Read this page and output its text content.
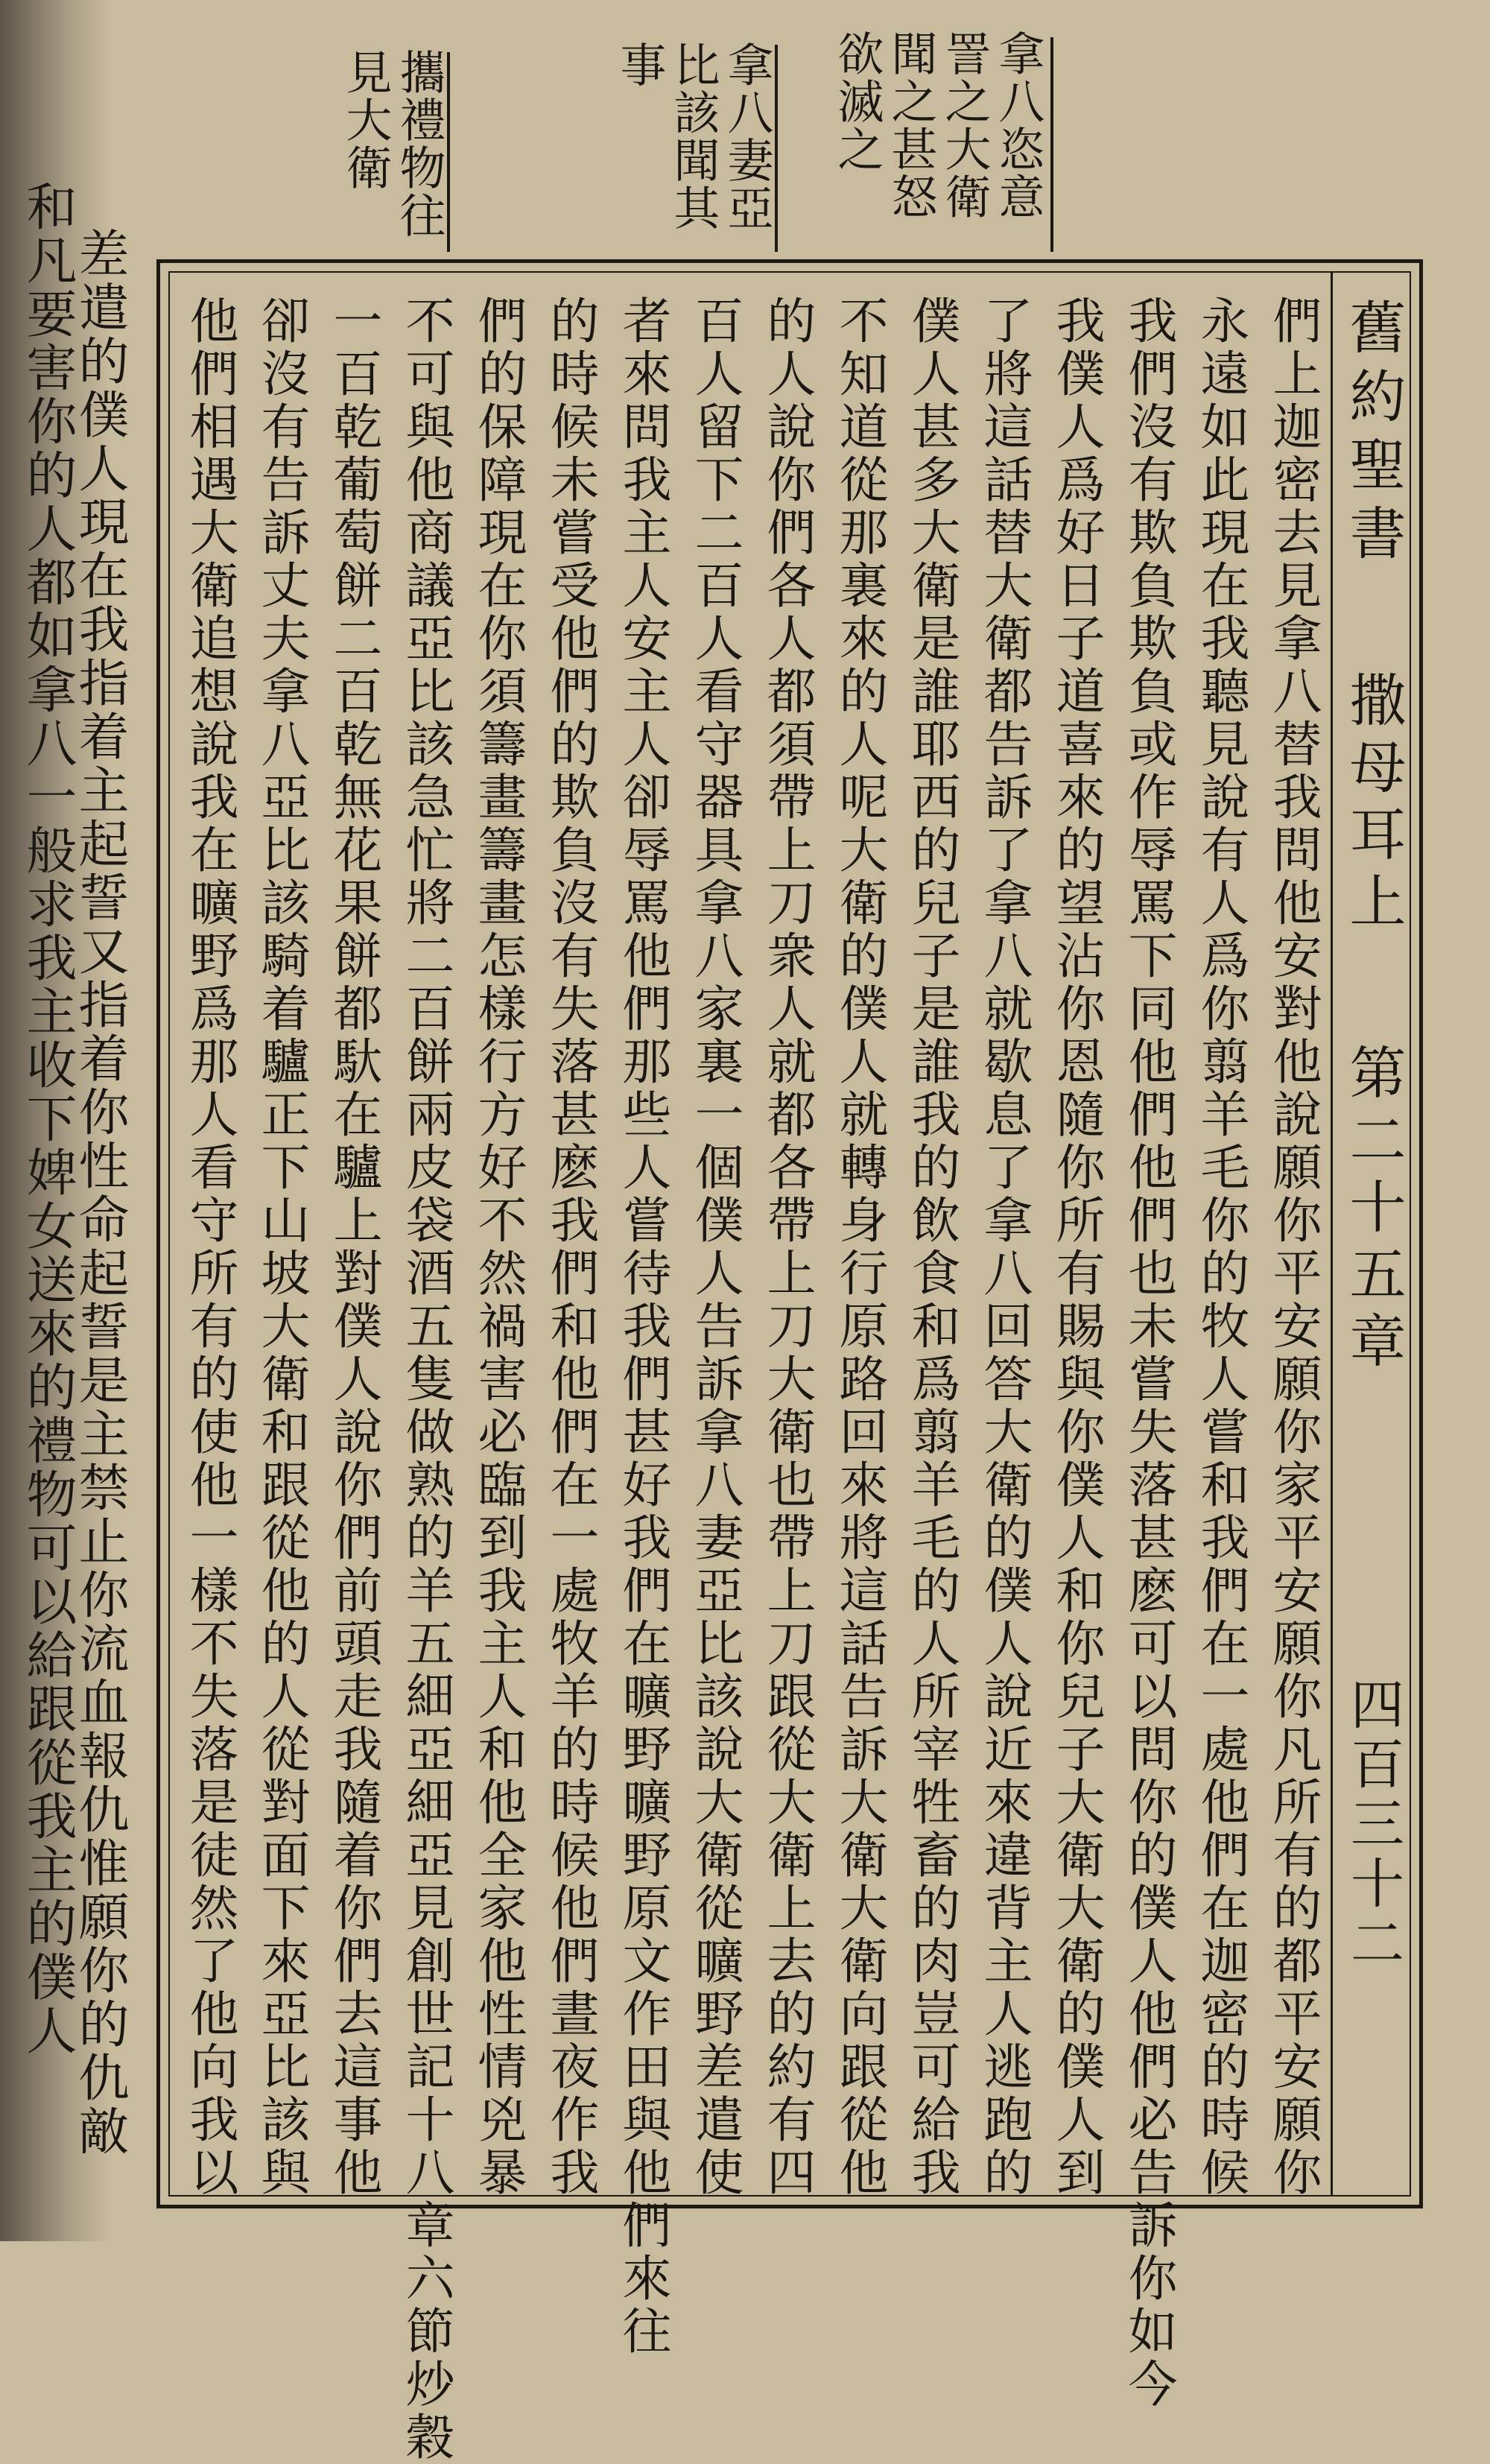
和凡要害你的人都如拿八一般求我主收下婢女送來的禮物可以給跟從我主的僕人
差遣的僕人現在我指着主起誓又指着你性命起誓是主禁止你流血報仇惟願你的仇敵
拿八恣意詈之大衛聞之甚怒欲滅之
拿八妻亞比該聞其事
攜禮物往見大衛
舊約聖書
撒母耳上
第二十五章
四百三十二
們上迦密去見拿八替我問他安對他說願你平安願你家平安願你凡所有的都平安願你
永遠如此現在我聽見說有人爲你翦羊毛你的牧人嘗和我們在一處他們在迦密的時候
我們沒有欺負欺負或作辱罵下同他們他們也未嘗失落甚麽可以問你的僕人他們必告訴你如今
我僕人爲好日子道喜來的望沾你恩隨你所有賜與你僕人和你兒子大衛大衛的僕人到
了將這話替大衛都告訴了拿八就歇息了拿八回答大衛的僕人說近來違背主人逃跑的
僕人甚多大衛是誰耶西的兒子是誰我的飲食和爲翦羊毛的人所宰牲畜的肉豈可給我
不知道從那裏來的人呢大衛的僕人就轉身行原路回來將這話告訴大衛大衛向跟從他
的人說你們各人都須帶上刀衆人就都各帶上刀大衛也帶上刀跟從大衛上去的約有四
百人留下二百人看守器具拿八家裏一個僕人告訴拿八妻亞比該說大衛從曠野差遣使
者來問我主人安主人卻辱罵他們那些人嘗待我們甚好我們在曠野曠野原文作田與他們來往
的時候未嘗受他們的欺負沒有失落甚麽我們和他們在一處牧羊的時候他們晝夜作我
們的保障現在你須籌畫籌畫怎樣行方好不然禍害必臨到我主人和他全家他性情兇暴
不可與他商議亞比該急忙將二百餅兩皮袋酒五隻做熟的羊五細亞細亞見創世記十八章六節炒穀
一百乾葡萄餅二百乾無花果餅都馱在驢上對僕人說你們前頭走我隨着你們去這事他
卻沒有告訴丈夫拿八亞比該騎着驢正下山坡大衛和跟從他的人從對面下來亞比該與
他們相遇大衛追想說我在曠野爲那人看守所有的使他一樣不失落是徒然了他向我以
